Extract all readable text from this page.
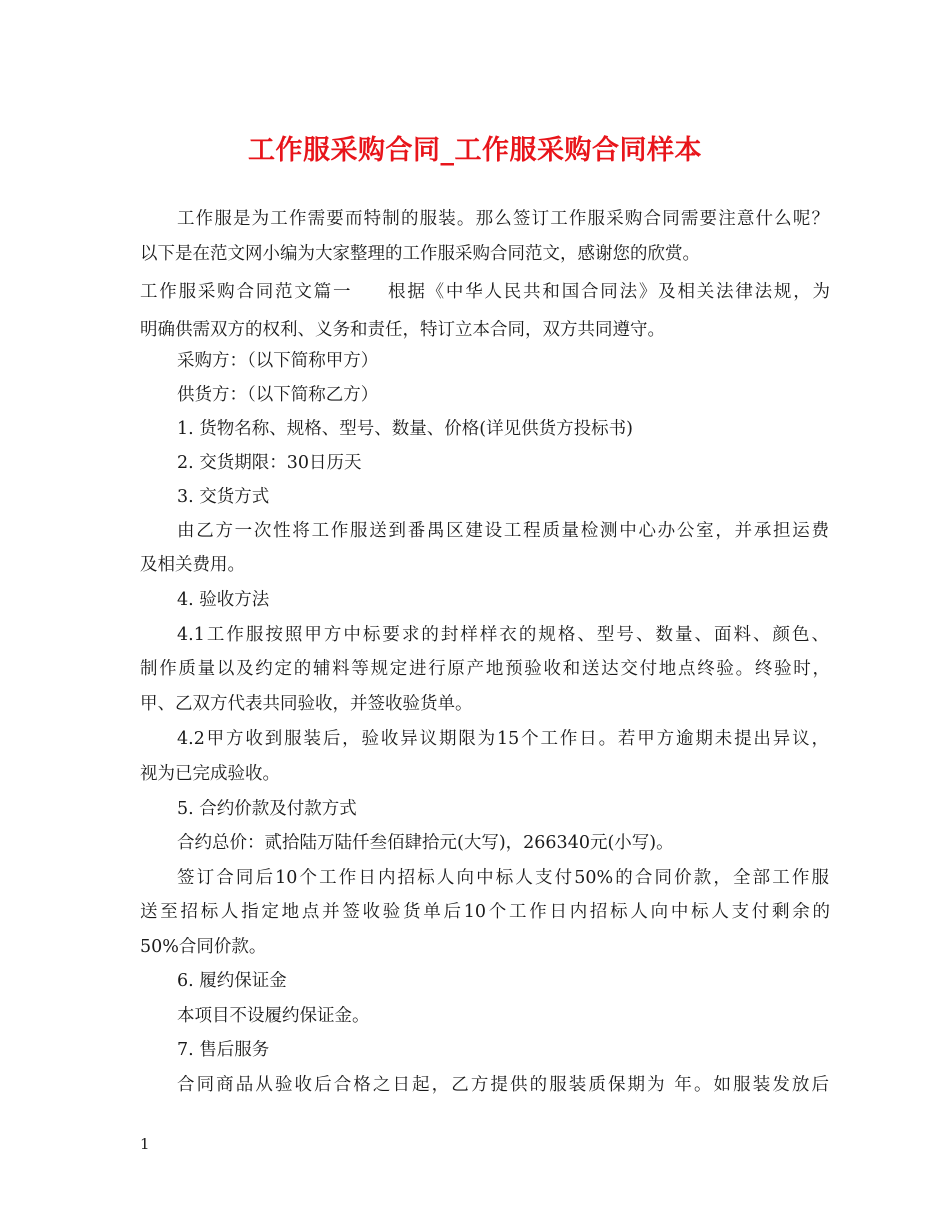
工作服采购合同_工作服采购合同样本
工作服是为工作需要而特制的服装。那么签订工作服采购合同需要注意什么呢？
以下是在范文网小编为大家整理的工作服采购合同范文，感谢您的欣赏。
工作服采购合同范文篇一 根据《中华人民共和国合同法》及相关法律法规，为
明确供需双方的权利、义务和责任，特订立本合同，双方共同遵守。
采购方：（以下简称甲方）
供货方：（以下简称乙方）
1. 货物名称、规格、型号、数量、价格(详见供货方投标书)
2. 交货期限：30日历天
3. 交货方式
由乙方一次性将工作服送到番禺区建设工程质量检测中心办公室，并承担运费
及相关费用。
4. 验收方法
4.1工作服按照甲方中标要求的封样样衣的规格、型号、数量、面料、颜色、
制作质量以及约定的辅料等规定进行原产地预验收和送达交付地点终验。终验时，
甲、乙双方代表共同验收，并签收验货单。
4.2甲方收到服装后，验收异议期限为15个工作日。若甲方逾期未提出异议，
视为已完成验收。
5. 合约价款及付款方式
合约总价：贰拾陆万陆仟叁佰肆拾元(大写)，266340元(小写)。
签订合同后10个工作日内招标人向中标人支付50%的合同价款，全部工作服
送至招标人指定地点并签收验货单后10个工作日内招标人向中标人支付剩余的
50%合同价款。
6. 履约保证金
本项目不设履约保证金。
7. 售后服务
合同商品从验收后合格之日起，乙方提供的服装质保期为 年。如服装发放后
1
